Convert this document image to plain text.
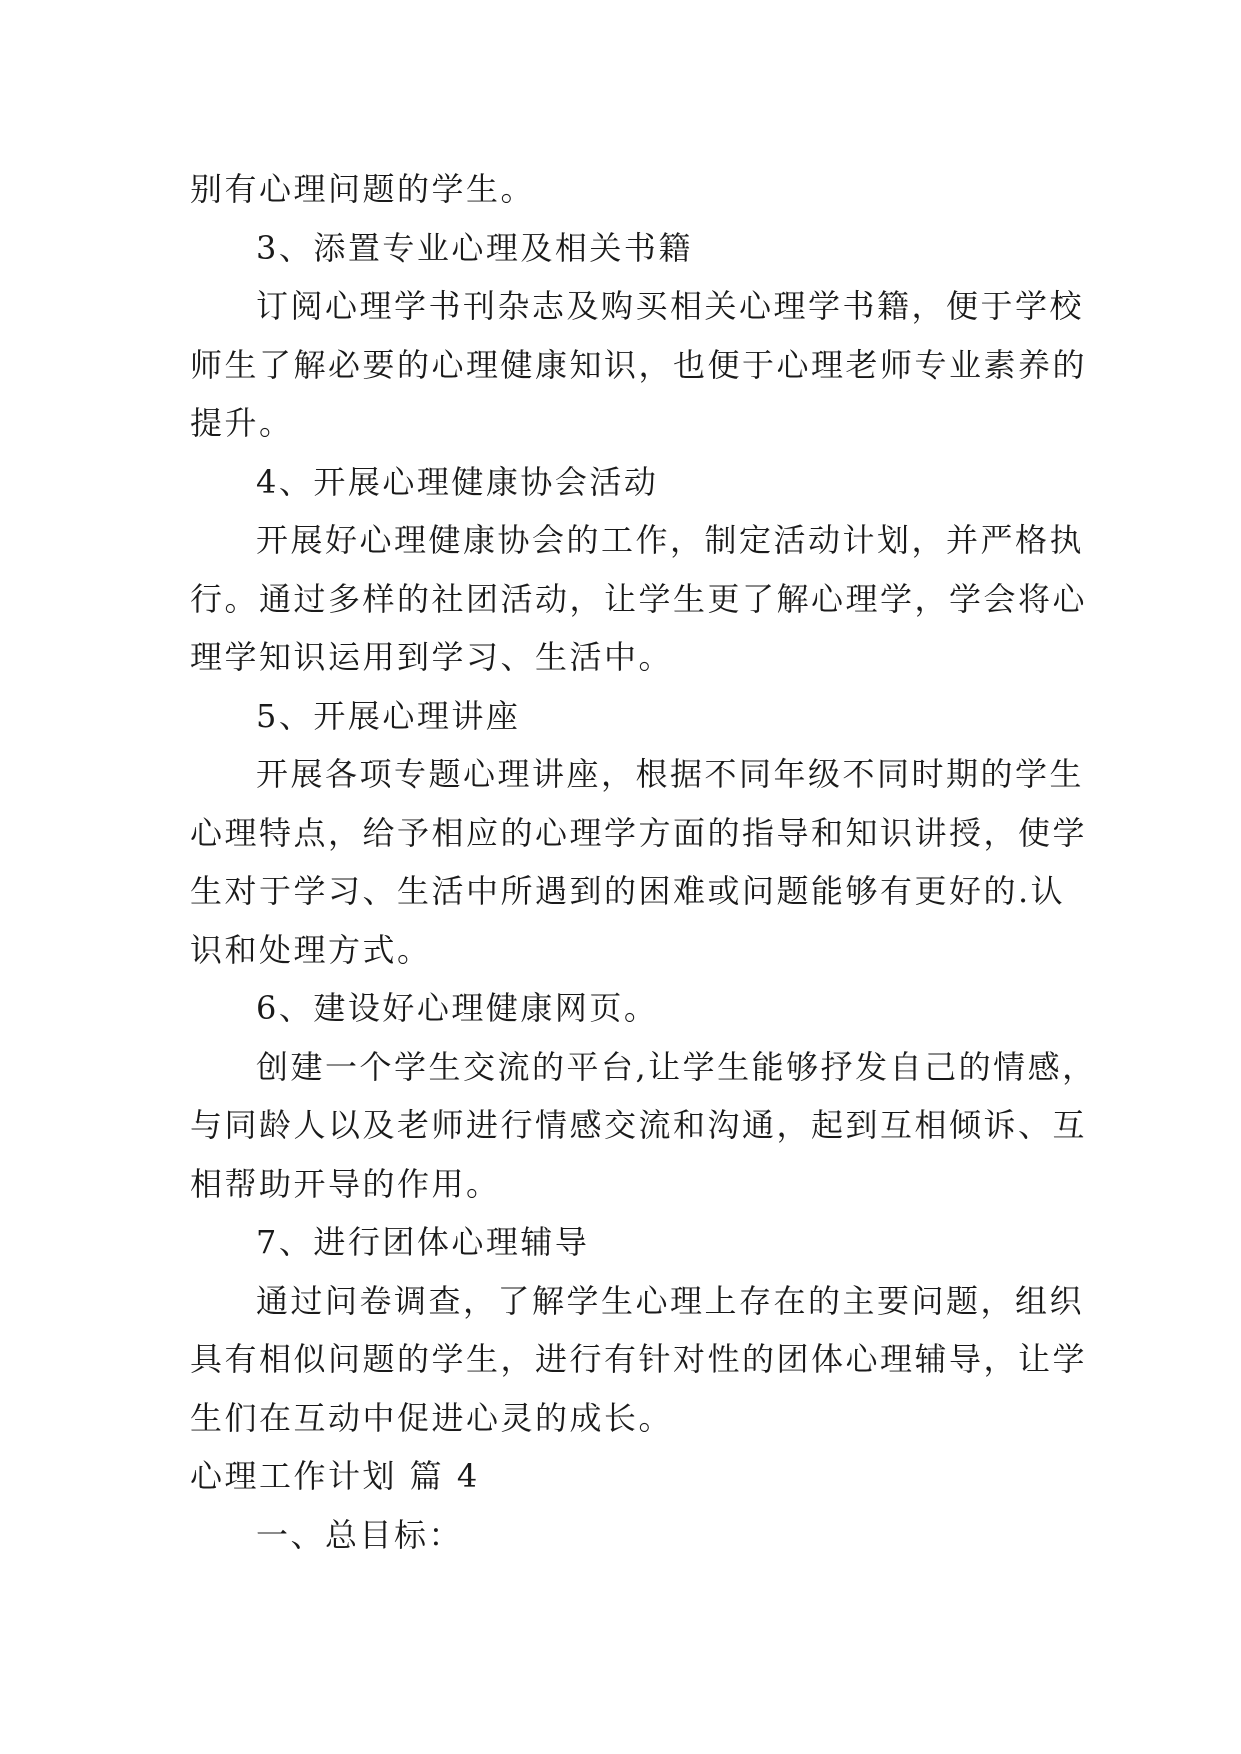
别有心理问题的学生。
3、添置专业心理及相关书籍
订阅心理学书刊杂志及购买相关心理学书籍，便于学校
师生了解必要的心理健康知识，也便于心理老师专业素养的
提升。
4、开展心理健康协会活动
开展好心理健康协会的工作，制定活动计划，并严格执
行。通过多样的社团活动，让学生更了解心理学，学会将心
理学知识运用到学习、生活中。
5、开展心理讲座
开展各项专题心理讲座，根据不同年级不同时期的学生
心理特点，给予相应的心理学方面的指导和知识讲授，使学
生对于学习、生活中所遇到的困难或问题能够有更好的.认
识和处理方式。
6、建设好心理健康网页。
创建一个学生交流的平台,让学生能够抒发自己的情感，
与同龄人以及老师进行情感交流和沟通，起到互相倾诉、互
相帮助开导的作用。
7、进行团体心理辅导
通过问卷调查，了解学生心理上存在的主要问题，组织
具有相似问题的学生，进行有针对性的团体心理辅导，让学
生们在互动中促进心灵的成长。
心理工作计划 篇 4
一、总目标：
